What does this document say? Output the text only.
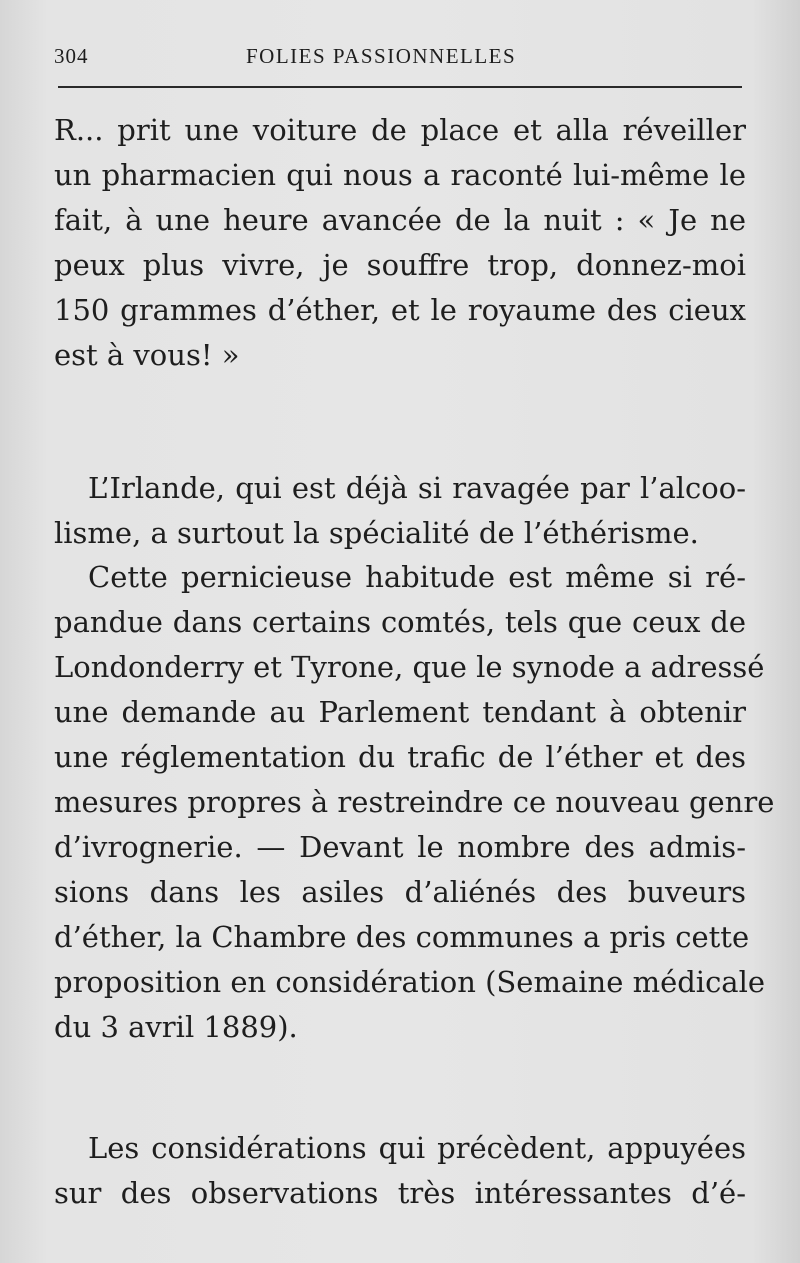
304	FOLIES PASSIONNELLES
R... prit une voiture de place et alla réveiller
un pharmacien qui nous a raconté lui-même le
fait, à une heure avancée de la nuit : « Je ne
peux plus vivre, je souffre trop, donnez-moi
150 grammes d’éther, et le royaume des cieux
est à vous! »
L’Irlande, qui est déjà si ravagée par l’alcoo-
lisme, a surtout la spécialité de l’éthérisme.
Cette pernicieuse habitude est même si ré-
pandue dans certains comtés, tels que ceux de
Londonderry et Tyrone, que le synode a adressé
une demande au Parlement tendant à obtenir
une réglementation du trafic de l’éther et des
mesures propres à restreindre ce nouveau genre
d’ivrognerie. — Devant le nombre des admis-
sions dans les asiles d’aliénés des buveurs
d’éther, la Chambre des communes a pris cette
proposition en considération (Semaine médicale
du 3 avril 1889).
Les considérations qui précèdent, appuyées
sur des observations très intéressantes d’é-
